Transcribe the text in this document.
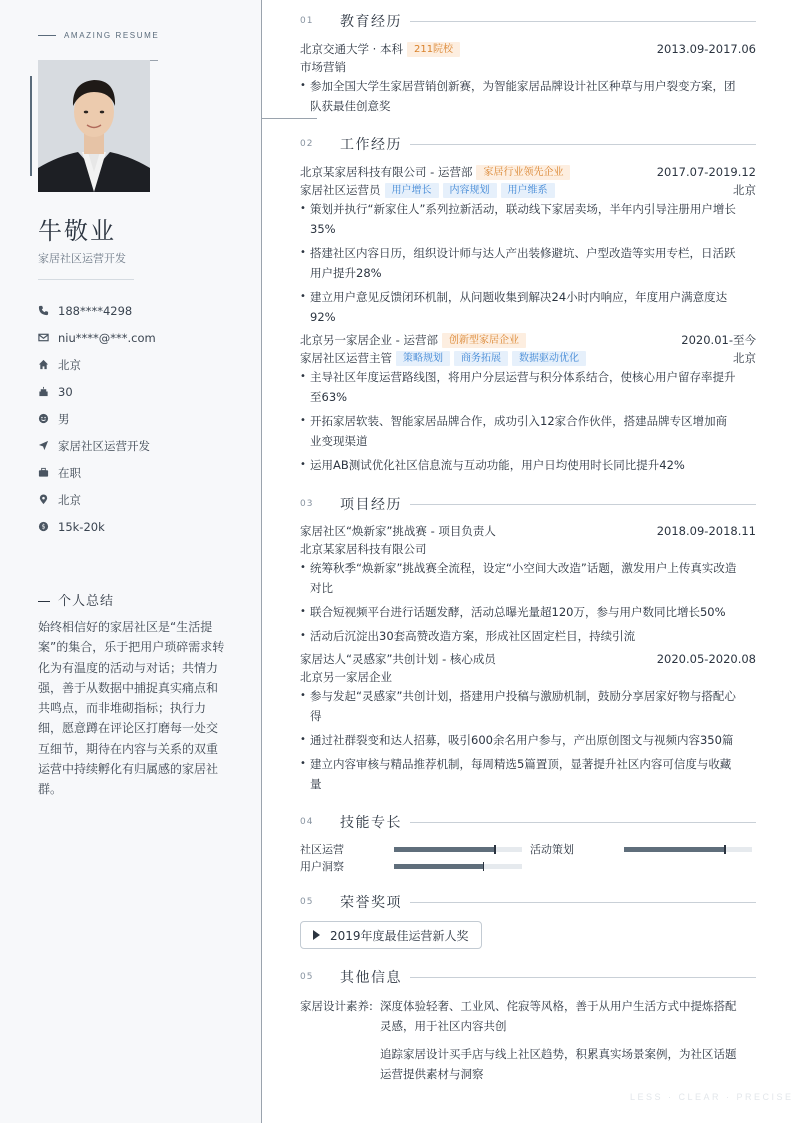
AMAZING RESUME
牛敬业
家居社区运营开发
188****4298
niu****@***.com
北京
30
男
家居社区运营开发
在职
北京
$ 15k-20k
个人总结
始终相信好的家居社区是“生活提
案”的集合，乐于把用户琐碎需求转
化为有温度的活动与对话；共情力
强，善于从数据中捕捉真实痛点和
共鸣点，而非堆砌指标；执行力
细，愿意蹲在评论区打磨每一处交
互细节，期待在内容与关系的双重
运营中持续孵化有归属感的家居社
群。
01	教育经历
北京交通大学 · 本科	211院校	2013.09-2017.06
市场营销
• 参加全国大学生家居营销创新赛，为智能家居品牌设计社区种草与用户裂变方案，团
队获最佳创意奖
02	工作经历
北京某家居科技有限公司 - 运营部	家居行业领先企业	2017.07-2019.12
家居社区运营员	用户增长	内容规划	用户维系	北京
• 策划并执行“新家住人”系列拉新活动，联动线下家居卖场，半年内引导注册用户增长
35%
• 搭建社区内容日历，组织设计师与达人产出装修避坑、户型改造等实用专栏，日活跃
用户提升28%
• 建立用户意见反馈闭环机制，从问题收集到解决24小时内响应，年度用户满意度达
92%
北京另一家居企业 - 运营部	创新型家居企业	2020.01-至今
家居社区运营主管	策略规划	商务拓展	数据驱动优化	北京
• 主导社区年度运营路线图，将用户分层运营与积分体系结合，使核心用户留存率提升
至63%
• 开拓家居软装、智能家居品牌合作，成功引入12家合作伙伴，搭建品牌专区增加商
业变现渠道
• 运用AB测试优化社区信息流与互动功能，用户日均使用时长同比提升42%
03	项目经历
家居社区“焕新家”挑战赛 - 项目负责人	2018.09-2018.11
北京某家居科技有限公司
• 统筹秋季“焕新家”挑战赛全流程，设定“小空间大改造”话题，激发用户上传真实改造
对比
• 联合短视频平台进行话题发酵，活动总曝光量超120万，参与用户数同比增长50%
• 活动后沉淀出30套高赞改造方案，形成社区固定栏目，持续引流
家居达人“灵感家”共创计划 - 核心成员	2020.05-2020.08
北京另一家居企业
• 参与发起“灵感家”共创计划，搭建用户投稿与激励机制，鼓励分享居家好物与搭配心
得
• 通过社群裂变和达人招募，吸引600余名用户参与，产出原创图文与视频内容350篇
• 建立内容审核与精品推荐机制，每周精选5篇置顶，显著提升社区内容可信度与收藏
量
04	技能专长
社区运营	活动策划
用户洞察
05	荣誉奖项
2019年度最佳运营新人奖
05	其他信息
家居设计素养: 深度体验轻奢、工业风、侘寂等风格，善于从用户生活方式中提炼搭配
灵感，用于社区内容共创
追踪家居设计买手店与线上社区趋势，积累真实场景案例，为社区话题
运营提供素材与洞察
LESS · CLEAR · PRECISE
